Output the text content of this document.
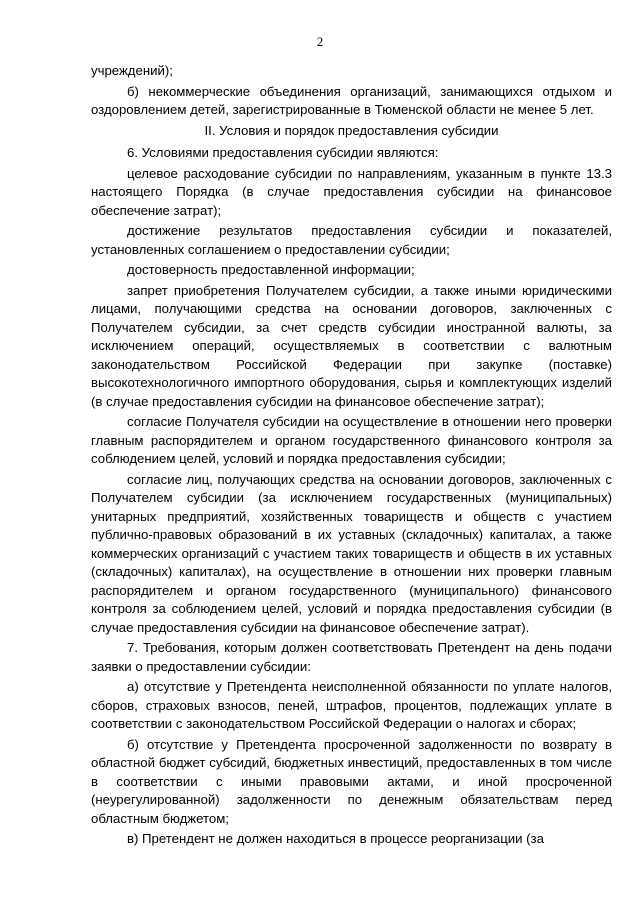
2

учреждений);

б) некоммерческие объединения организаций, занимающихся отдыхом и оздоровлением детей, зарегистрированные в Тюменской области не менее 5 лет.

II. Условия и порядок предоставления субсидии

6. Условиями предоставления субсидии являются:

целевое расходование субсидии по направлениям, указанным в пункте 13.3 настоящего Порядка (в случае предоставления субсидии на финансовое обеспечение затрат);

достижение результатов предоставления субсидии и показателей, установленных соглашением о предоставлении субсидии;

достоверность предоставленной информации;

запрет приобретения Получателем субсидии, а также иными юридическими лицами, получающими средства на основании договоров, заключенных с Получателем субсидии, за счет средств субсидии иностранной валюты, за исключением операций, осуществляемых в соответствии с валютным законодательством Российской Федерации при закупке (поставке) высокотехнологичного импортного оборудования, сырья и комплектующих изделий (в случае предоставления субсидии на финансовое обеспечение затрат);

согласие Получателя субсидии на осуществление в отношении него проверки главным распорядителем и органом государственного финансового контроля за соблюдением целей, условий и порядка предоставления субсидии;

согласие лиц, получающих средства на основании договоров, заключенных с Получателем субсидии (за исключением государственных (муниципальных) унитарных предприятий, хозяйственных товариществ и обществ с участием публично-правовых образований в их уставных (складочных) капиталах, а также коммерческих организаций с участием таких товариществ и обществ в их уставных (складочных) капиталах), на осуществление в отношении них проверки главным распорядителем и органом государственного (муниципального) финансового контроля за соблюдением целей, условий и порядка предоставления субсидии (в случае предоставления субсидии на финансовое обеспечение затрат).

7. Требования, которым должен соответствовать Претендент на день подачи заявки о предоставлении субсидии:

а) отсутствие у Претендента неисполненной обязанности по уплате налогов, сборов, страховых взносов, пеней, штрафов, процентов, подлежащих уплате в соответствии с законодательством Российской Федерации о налогах и сборах;

б) отсутствие у Претендента просроченной задолженности по возврату в областной бюджет субсидий, бюджетных инвестиций, предоставленных в том числе в соответствии с иными правовыми актами, и иной просроченной (неурегулированной) задолженности по денежным обязательствам перед областным бюджетом;

в) Претендент не должен находиться в процессе реорганизации (за
